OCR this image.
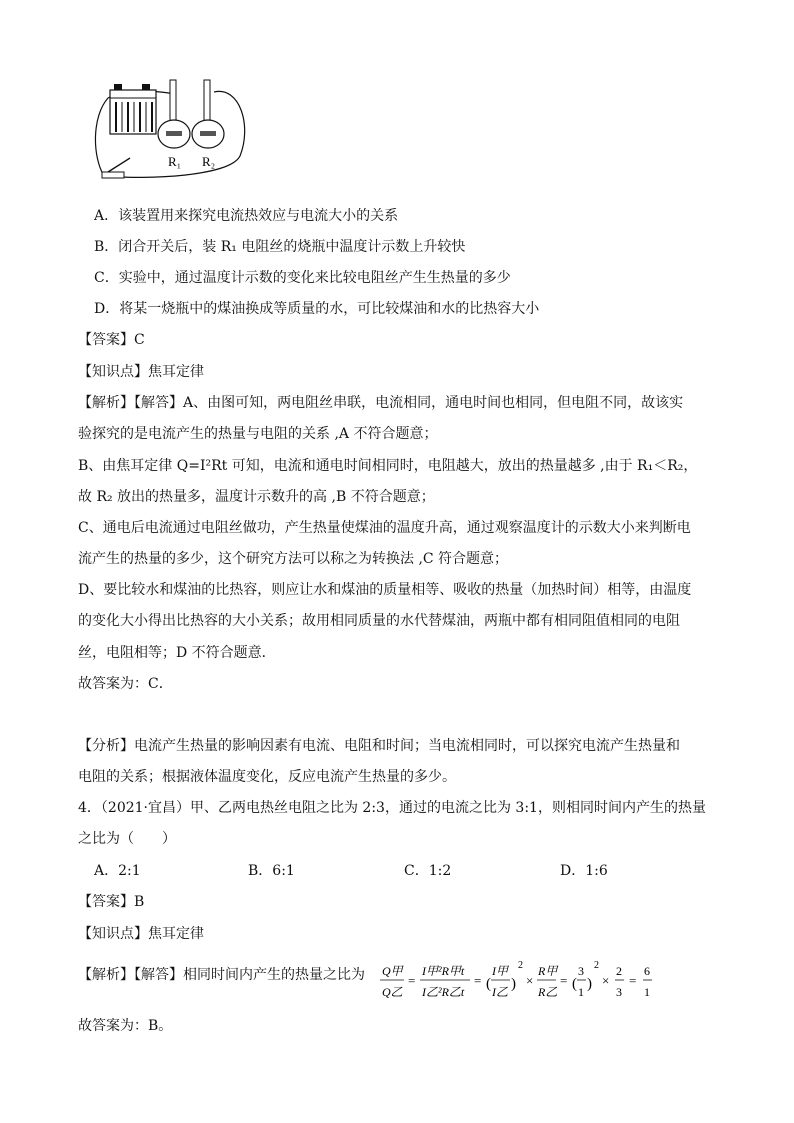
R₁ R₂
A．该装置用来探究电流热效应与电流大小的关系
B．闭合开关后，装 R₁ 电阻丝的烧瓶中温度计示数上升较快
C．实验中，通过温度计示数的变化来比较电阻丝产生生热量的多少
D．将某一烧瓶中的煤油换成等质量的水，可比较煤油和水的比热容大小
【答案】C
【知识点】焦耳定律
【解析】【解答】A、由图可知，两电阻丝串联，电流相同，通电时间也相同，但电阻不同，故该实
验探究的是电流产生的热量与电阻的关系 ,A 不符合题意；
B、由焦耳定律 Q=I²Rt 可知，电流和通电时间相同时，电阻越大，放出的热量越多 ,由于 R₁＜R₂，
故 R₂ 放出的热量多，温度计示数升的高 ,B 不符合题意；
C、通电后电流通过电阻丝做功，产生热量使煤油的温度升高，通过观察温度计的示数大小来判断电
流产生的热量的多少，这个研究方法可以称之为转换法 ,C 符合题意；
D、要比较水和煤油的比热容，则应让水和煤油的质量相等、吸收的热量（加热时间）相等，由温度
的变化大小得出比热容的大小关系；故用相同质量的水代替煤油，两瓶中都有相同阻值相同的电阻
丝，电阻相等；D 不符合题意．
故答案为：C．
【分析】电流产生热量的影响因素有电流、电阻和时间；当电流相同时，可以探究电流产生热量和
电阻的关系；根据液体温度变化，反应电流产生热量的多少。
4．（2021·宜昌）甲、乙两电热丝电阻之比为 2:3，通过的电流之比为 3:1，则相同时间内产生的热量
之比为（　　）
A．2:1	B．6:1	C．1:2	D．1:6
【答案】B
【知识点】焦耳定律
【解析】【解答】相同时间内产生的热量之比为 Q甲
Q乙
=
I甲²R甲t
I乙²R乙t
= (
I甲
I乙 )
2
×
R甲
R乙
= (
3
1 )
2
×
2
3
=
6
1
故答案为：B。
